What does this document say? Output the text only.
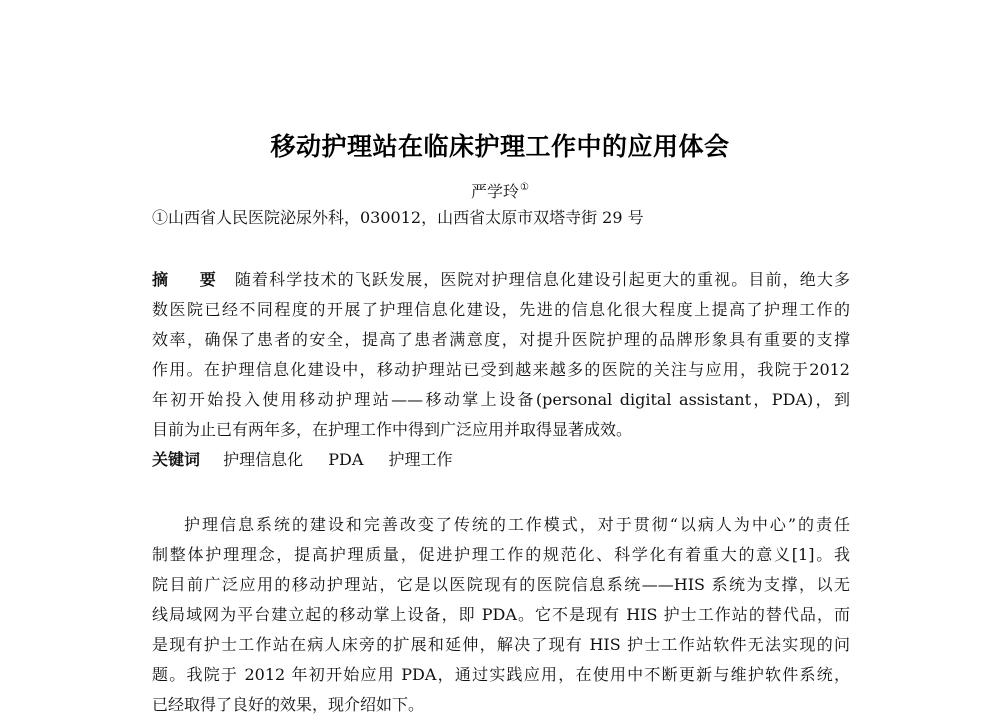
移动护理站在临床护理工作中的应用体会
严学玲①
①山西省人民医院泌尿外科，030012，山西省太原市双塔寺街 29 号
摘 要 随着科学技术的飞跃发展，医院对护理信息化建设引起更大的重视。目前，绝大多
数医院已经不同程度的开展了护理信息化建设，先进的信息化很大程度上提高了护理工作的
效率，确保了患者的安全，提高了患者满意度，对提升医院护理的品牌形象具有重要的支撑
作用。在护理信息化建设中，移动护理站已受到越来越多的医院的关注与应用，我院于2012
年初开始投入使用移动护理站——移动掌上设备(personal digital assistant，PDA)，到
目前为止已有两年多，在护理工作中得到广泛应用并取得显著成效。
关键词 护理信息化 PDA 护理工作
护理信息系统的建设和完善改变了传统的工作模式，对于贯彻“以病人为中心”的责任
制整体护理理念，提高护理质量，促进护理工作的规范化、科学化有着重大的意义[1]。我
院目前广泛应用的移动护理站，它是以医院现有的医院信息系统——HIS 系统为支撑，以无
线局域网为平台建立起的移动掌上设备，即 PDA。它不是现有 HIS 护士工作站的替代品，而
是现有护士工作站在病人床旁的扩展和延伸，解决了现有 HIS 护士工作站软件无法实现的问
题。我院于 2012 年初开始应用 PDA，通过实践应用，在使用中不断更新与维护软件系统，
已经取得了良好的效果，现介绍如下。
